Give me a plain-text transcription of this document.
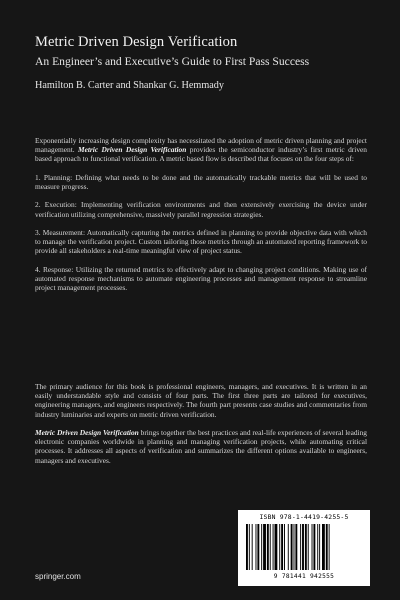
Metric Driven Design Verification
An Engineer’s and Executive’s Guide to First Pass Success
Hamilton B. Carter and Shankar G. Hemmady

Exponentially increasing design complexity has necessitated the adoption of metric driven planning and project management. Metric Driven Design Verification provides the semiconductor industry’s first metric driven based approach to functional verification. A metric based flow is described that focuses on the four steps of:

1. Planning: Defining what needs to be done and the automatically trackable metrics that will be used to measure progress.

2. Execution: Implementing verification environments and then extensively exercising the device under verification utilizing comprehensive, massively parallel regression strategies.

3. Measurement: Automatically capturing the metrics defined in planning to provide objective data with which to manage the verification project. Custom tailoring those metrics through an automated reporting framework to provide all stakeholders a real-time meaningful view of project status.

4. Response: Utilizing the returned metrics to effectively adapt to changing project conditions. Making use of automated response mechanisms to automate engineering processes and management response to streamline project management processes.

The primary audience for this book is professional engineers, managers, and executives. It is written in an easily understandable style and consists of four parts. The first three parts are tailored for executives, engineering managers, and engineers respectively. The fourth part presents case studies and commentaries from industry luminaries and experts on metric driven verification.

Metric Driven Design Verification brings together the best practices and real-life experiences of several leading electronic companies worldwide in planning and managing verification projects, while automating critical processes. It addresses all aspects of verification and summarizes the different options available to engineers, managers and executives.

ISBN 978-1-4419-4255-5
9 781441 942555
springer.com
